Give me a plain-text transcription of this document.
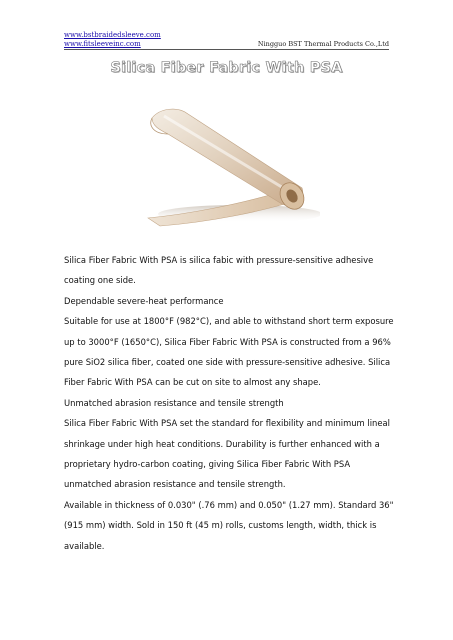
www.bstbraidedsleeve.com
www.fitsleeveinc.com	Ningguo BST Thermal Products Co.,Ltd
Silica Fiber Fabric With PSA
Silica Fiber Fabric With PSA is silica fabic with pressure-sensitive adhesive
coating one side.
Dependable severe-heat performance
Suitable for use at 1800°F (982°C), and able to withstand short term exposure
up to 3000°F (1650°C), Silica Fiber Fabric With PSA is constructed from a 96%
pure SiO2 silica fiber, coated one side with pressure-sensitive adhesive. Silica
Fiber Fabric With PSA can be cut on site to almost any shape.
Unmatched abrasion resistance and tensile strength
Silica Fiber Fabric With PSA set the standard for flexibility and minimum lineal
shrinkage under high heat conditions. Durability is further enhanced with a
proprietary hydro-carbon coating, giving Silica Fiber Fabric With PSA
unmatched abrasion resistance and tensile strength.
Available in thickness of 0.030" (.76 mm) and 0.050" (1.27 mm). Standard 36"
(915 mm) width. Sold in 150 ft (45 m) rolls, customs length, width, thick is
available.
